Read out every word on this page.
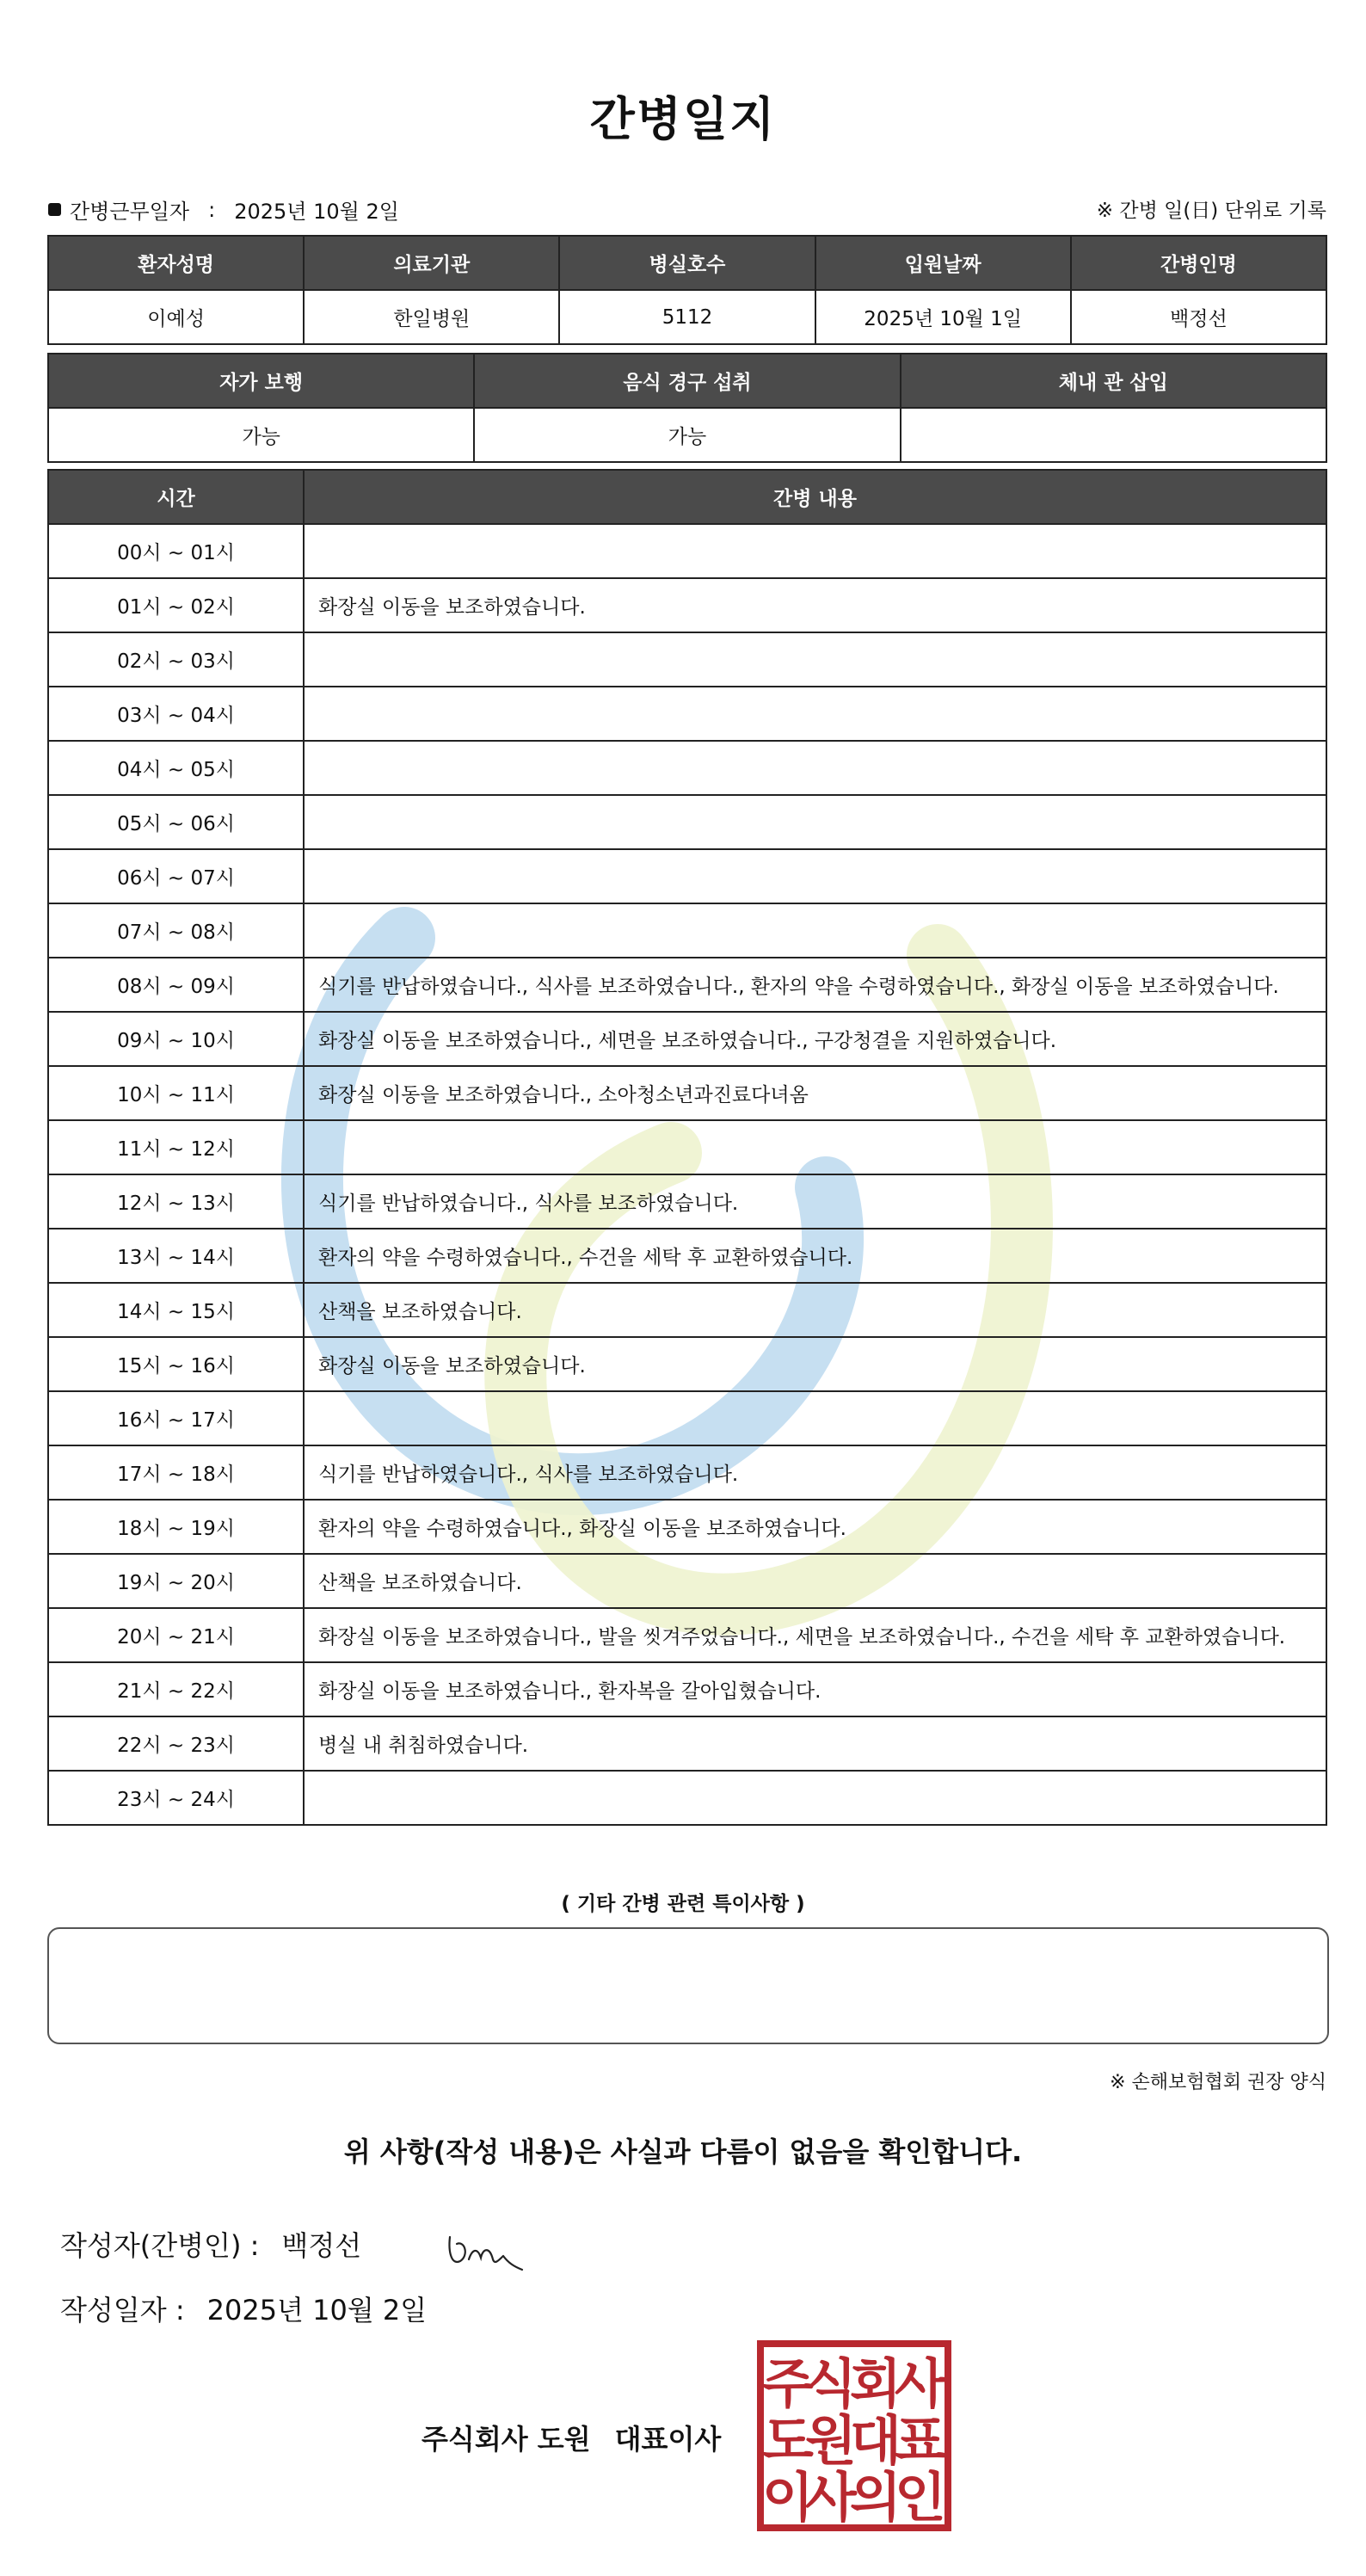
간병일지
간병근무일자 : 2025년 10월 2일	※ 간병 일(日) 단위로 기록
환자성명	의료기관	병실호수	입원날짜	간병인명
이예성	한일병원	5112	2025년 10월 1일	백정선
자가 보행	음식 경구 섭취	체내 관 삽입
가능	가능	
시간	간병 내용
00시 ~ 01시	
01시 ~ 02시	화장실 이동을 보조하였습니다.
02시 ~ 03시	
03시 ~ 04시	
04시 ~ 05시	
05시 ~ 06시	
06시 ~ 07시	
07시 ~ 08시	
08시 ~ 09시	식기를 반납하였습니다., 식사를 보조하였습니다., 환자의 약을 수령하였습니다., 화장실 이동을 보조하였습니다.
09시 ~ 10시	화장실 이동을 보조하였습니다., 세면을 보조하였습니다., 구강청결을 지원하였습니다.
10시 ~ 11시	화장실 이동을 보조하였습니다., 소아청소년과진료다녀옴
11시 ~ 12시	
12시 ~ 13시	식기를 반납하였습니다., 식사를 보조하였습니다.
13시 ~ 14시	환자의 약을 수령하였습니다., 수건을 세탁 후 교환하였습니다.
14시 ~ 15시	산책을 보조하였습니다.
15시 ~ 16시	화장실 이동을 보조하였습니다.
16시 ~ 17시	
17시 ~ 18시	식기를 반납하였습니다., 식사를 보조하였습니다.
18시 ~ 19시	환자의 약을 수령하였습니다., 화장실 이동을 보조하였습니다.
19시 ~ 20시	산책을 보조하였습니다.
20시 ~ 21시	화장실 이동을 보조하였습니다., 발을 씻겨주었습니다., 세면을 보조하였습니다., 수건을 세탁 후 교환하였습니다.
21시 ~ 22시	화장실 이동을 보조하였습니다., 환자복을 갈아입혔습니다.
22시 ~ 23시	병실 내 취침하였습니다.
23시 ~ 24시	
( 기타 간병 관련 특이사항 )
※ 손해보험협회 권장 양식
위 사항(작성 내용)은 사실과 다름이 없음을 확인합니다.
작성자(간병인) : 백정선
작성일자 : 2025년 10월 2일
주식회사 도원 대표이사
주
식
회
사
도
원
대
표
이
사
의
인
